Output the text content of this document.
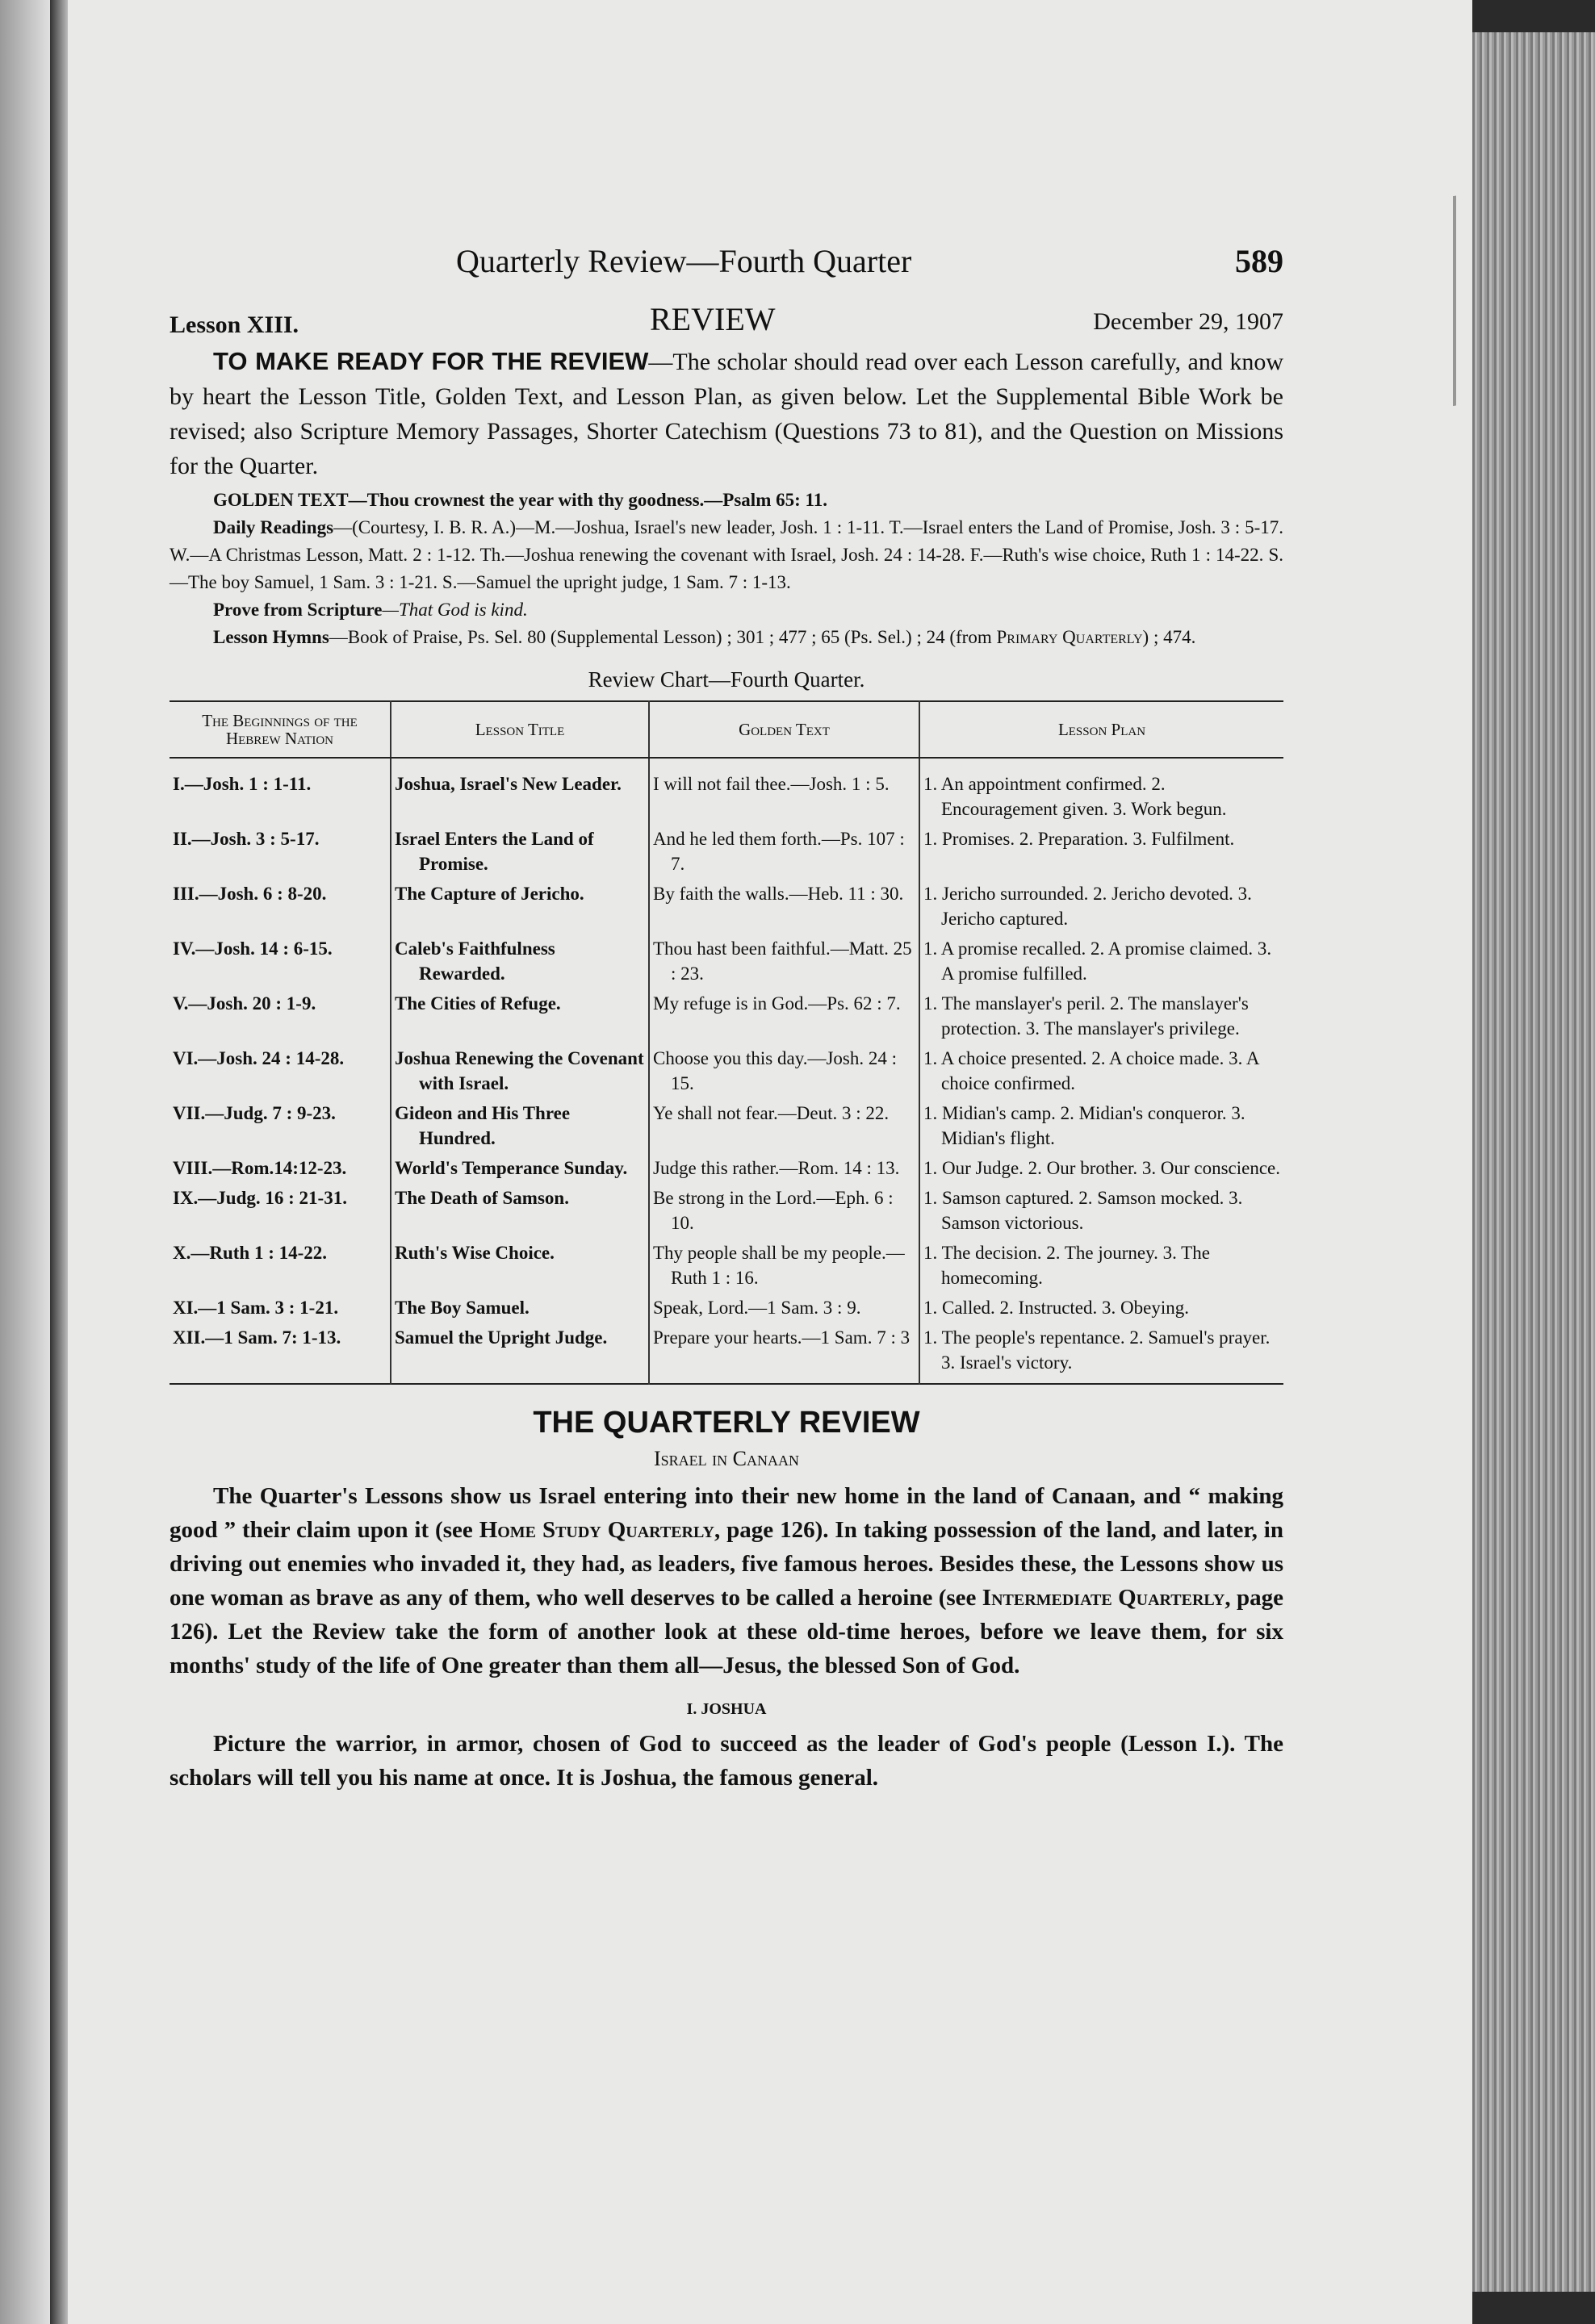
Quarterly Review—Fourth Quarter	589
Lesson XIII.	REVIEW	December 29, 1907

TO MAKE READY FOR THE REVIEW—The scholar should read over each Lesson carefully, and know by heart the Lesson Title, Golden Text, and Lesson Plan, as given below. Let the Supplemental Bible Work be revised; also Scripture Memory Passages, Shorter Catechism (Questions 73 to 81), and the Question on Missions for the Quarter.

GOLDEN TEXT—Thou crownest the year with thy goodness.—Psalm 65: 11.

Daily Readings—(Courtesy, I. B. R. A.)—M.—Joshua, Israel's new leader, Josh. 1 : 1-11. T.—Israel enters the Land of Promise, Josh. 3 : 5-17. W.—A Christmas Lesson, Matt. 2 : 1-12. Th.—Joshua renewing the covenant with Israel, Josh. 24 : 14-28. F.—Ruth's wise choice, Ruth 1 : 14-22. S.—The boy Samuel, 1 Sam. 3 : 1-21. S.—Samuel the upright judge, 1 Sam. 7 : 1-13.

Prove from Scripture—That God is kind.

Lesson Hymns—Book of Praise, Ps. Sel. 80 (Supplemental Lesson) ; 301 ; 477 ; 65 (Ps. Sel.) ; 24 (from Primary Quarterly) ; 474.

Review Chart—Fourth Quarter.
The Beginnings of the Hebrew Nation	Lesson Title	Golden Text	Lesson Plan
I.—Josh. 1 : 1-11.	Joshua, Israel's New Leader.	I will not fail thee.—Josh. 1 : 5.	1. An appointment confirmed. 2. Encouragement given. 3. Work begun.

II.—Josh. 3 : 5-17.	Israel Enters the Land of Promise.	And he led them forth.—Ps. 107 : 7.	1. Promises. 2. Preparation. 3. Fulfilment.

III.—Josh. 6 : 8-20.	The Capture of Jericho.	By faith the walls.—Heb. 11 : 30.	1. Jericho surrounded. 2. Jericho devoted. 3. Jericho captured.

IV.—Josh. 14 : 6-15.	Caleb's Faithfulness Rewarded.	Thou hast been faithful.—Matt. 25 : 23.	1. A promise recalled. 2. A promise claimed. 3. A promise fulfilled.

V.—Josh. 20 : 1-9.	The Cities of Refuge.	My refuge is in God.—Ps. 62 : 7.	1. The manslayer's peril. 2. The manslayer's protection. 3. The manslayer's privilege.

VI.—Josh. 24 : 14-28.	Joshua Renewing the Covenant with Israel.	Choose you this day.—Josh. 24 : 15.	1. A choice presented. 2. A choice made. 3. A choice confirmed.

VII.—Judg. 7 : 9-23.	Gideon and His Three Hundred.	Ye shall not fear.—Deut. 3 : 22.	1. Midian's camp. 2. Midian's conqueror. 3. Midian's flight.

VIII.—Rom.14:12-23.	World's Temperance Sunday.	Judge this rather.—Rom. 14 : 13.	1. Our Judge. 2. Our brother. 3. Our conscience.

IX.—Judg. 16 : 21-31.	The Death of Samson.	Be strong in the Lord.—Eph. 6 : 10.	1. Samson captured. 2. Samson mocked. 3. Samson victorious.

X.—Ruth 1 : 14-22.	Ruth's Wise Choice.	Thy people shall be my people.—Ruth 1 : 16.	1. The decision. 2. The journey. 3. The homecoming.

XI.—1 Sam. 3 : 1-21.	The Boy Samuel.	Speak, Lord.—1 Sam. 3 : 9.	1. Called. 2. Instructed. 3. Obeying.

XII.—1 Sam. 7: 1-13.	Samuel the Upright Judge.	Prepare your hearts.—1 Sam. 7 : 3	1. The people's repentance. 2. Samuel's prayer. 3. Israel's victory.
THE QUARTERLY REVIEW
Israel in Canaan

The Quarter's Lessons show us Israel entering into their new home in the land of Canaan, and “ making good ” their claim upon it (see Home Study Quarterly, page 126). In taking possession of the land, and later, in driving out enemies who invaded it, they had, as leaders, five famous heroes. Besides these, the Lessons show us one woman as brave as any of them, who well deserves to be called a heroine (see Intermediate Quarterly, page 126). Let the Review take the form of another look at these old-time heroes, before we leave them, for six months' study of the life of One greater than them all—Jesus, the blessed Son of God.

I. JOSHUA

Picture the warrior, in armor, chosen of God to succeed as the leader of God's people (Lesson I.). The scholars will tell you his name at once. It is Joshua, the famous general.
